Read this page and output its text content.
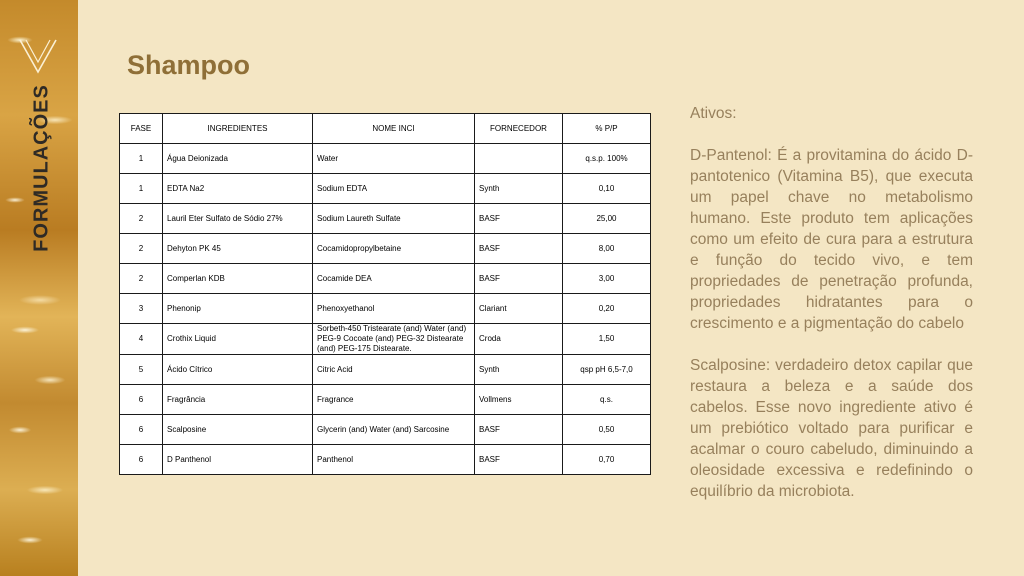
FORMULAÇÕES
Shampoo
FASE	INGREDIENTES	NOME INCI	FORNECEDOR	% P/P
1	Água Deionizada	Water		q.s.p. 100%
1	EDTA Na2	Sodium EDTA	Synth	0,10
2	Lauril Eter Sulfato de Sódio 27%	Sodium Laureth Sulfate	BASF	25,00
2	Dehyton PK 45	Cocamidopropylbetaine	BASF	8,00
2	Comperlan KDB	Cocamide DEA	BASF	3,00
3	Phenonip	Phenoxyethanol	Clariant	0,20
4	Crothix Liquid	Sorbeth-450 Tristearate (and) Water (and) PEG-9 Cocoate (and) PEG-32 Distearate (and) PEG-175 Distearate.	Croda	1,50
5	Ácido Cítrico	Citric Acid	Synth	qsp pH 6,5-7,0
6	Fragrância	Fragrance	Vollmens	q.s.
6	Scalposine	Glycerin (and) Water (and) Sarcosine	BASF	0,50
6	D Panthenol	Panthenol	BASF	0,70

Ativos:

D-Pantenol: É a provitamina do ácido D-pantotenico (Vitamina B5), que executa um papel chave no metabolismo humano. Este produto tem aplicações como um efeito de cura para a estrutura e função do tecido vivo, e tem propriedades de penetração profunda, propriedades hidratantes para o crescimento e a pigmentação do cabelo

Scalposine: verdadeiro detox capilar que restaura a beleza e a saúde dos cabelos. Esse novo ingrediente ativo é um prebiótico voltado para purificar e acalmar o couro cabeludo, diminuindo a oleosidade excessiva e redefinindo o equilíbrio da microbiota.
